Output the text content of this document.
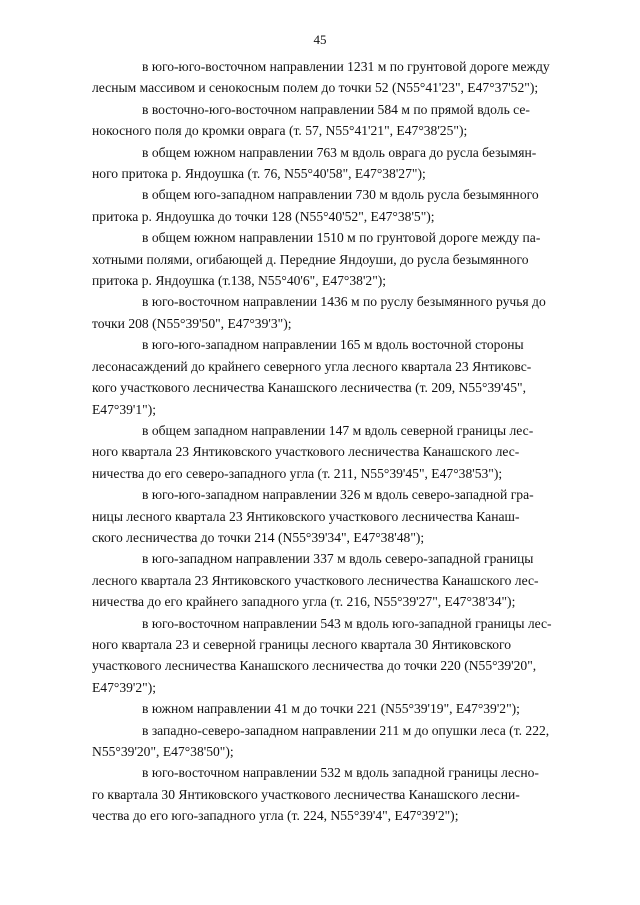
45

в юго-юго-восточном направлении 1231 м по грунтовой дороге между
лесным массивом и сенокосным полем до точки 52 (N55°41'23", E47°37'52");

в восточно-юго-восточном направлении 584 м по прямой вдоль се-
нокосного поля до кромки оврага (т. 57, N55°41'21", E47°38'25");

в общем южном направлении 763 м вдоль оврага до русла безымян-
ного притока р. Яндоушка (т. 76, N55°40'58", E47°38'27");

в общем юго-западном направлении 730 м вдоль русла безымянного
притока р. Яндоушка до точки 128 (N55°40'52", E47°38'5");

в общем южном направлении 1510 м по грунтовой дороге между па-
хотными полями, огибающей д. Передние Яндоуши, до русла безымянного
притока р. Яндоушка (т.138, N55°40'6", E47°38'2");

в юго-восточном направлении 1436 м по руслу безымянного ручья до
точки 208 (N55°39'50", E47°39'3");

в юго-юго-западном направлении 165 м вдоль восточной стороны
лесонасаждений до крайнего северного угла лесного квартала 23 Янтиковс-
кого участкового лесничества Канашского лесничества (т. 209, N55°39'45",
E47°39'1");

в общем западном направлении 147 м вдоль северной границы лес-
ного квартала 23 Янтиковского участкового лесничества Канашского лес-
ничества до его северо-западного угла (т. 211, N55°39'45", E47°38'53");

в юго-юго-западном направлении 326 м вдоль северо-западной гра-
ницы лесного квартала 23 Янтиковского участкового лесничества Канаш-
ского лесничества до точки 214 (N55°39'34", E47°38'48");

в юго-западном направлении 337 м вдоль северо-западной границы
лесного квартала 23 Янтиковского участкового лесничества Канашского лес-
ничества до его крайнего западного угла (т. 216, N55°39'27", E47°38'34");

в юго-восточном направлении 543 м вдоль юго-западной границы лес-
ного квартала 23 и северной границы лесного квартала 30 Янтиковского
участкового лесничества Канашского лесничества до точки 220 (N55°39'20",
E47°39'2");

в южном направлении 41 м до точки 221 (N55°39'19", E47°39'2");

в западно-северо-западном направлении 211 м до опушки леса (т. 222,
N55°39'20", E47°38'50");

в юго-восточном направлении 532 м вдоль западной границы лесно-
го квартала 30 Янтиковского участкового лесничества Канашского лесни-
чества до его юго-западного угла (т. 224, N55°39'4", E47°39'2");
